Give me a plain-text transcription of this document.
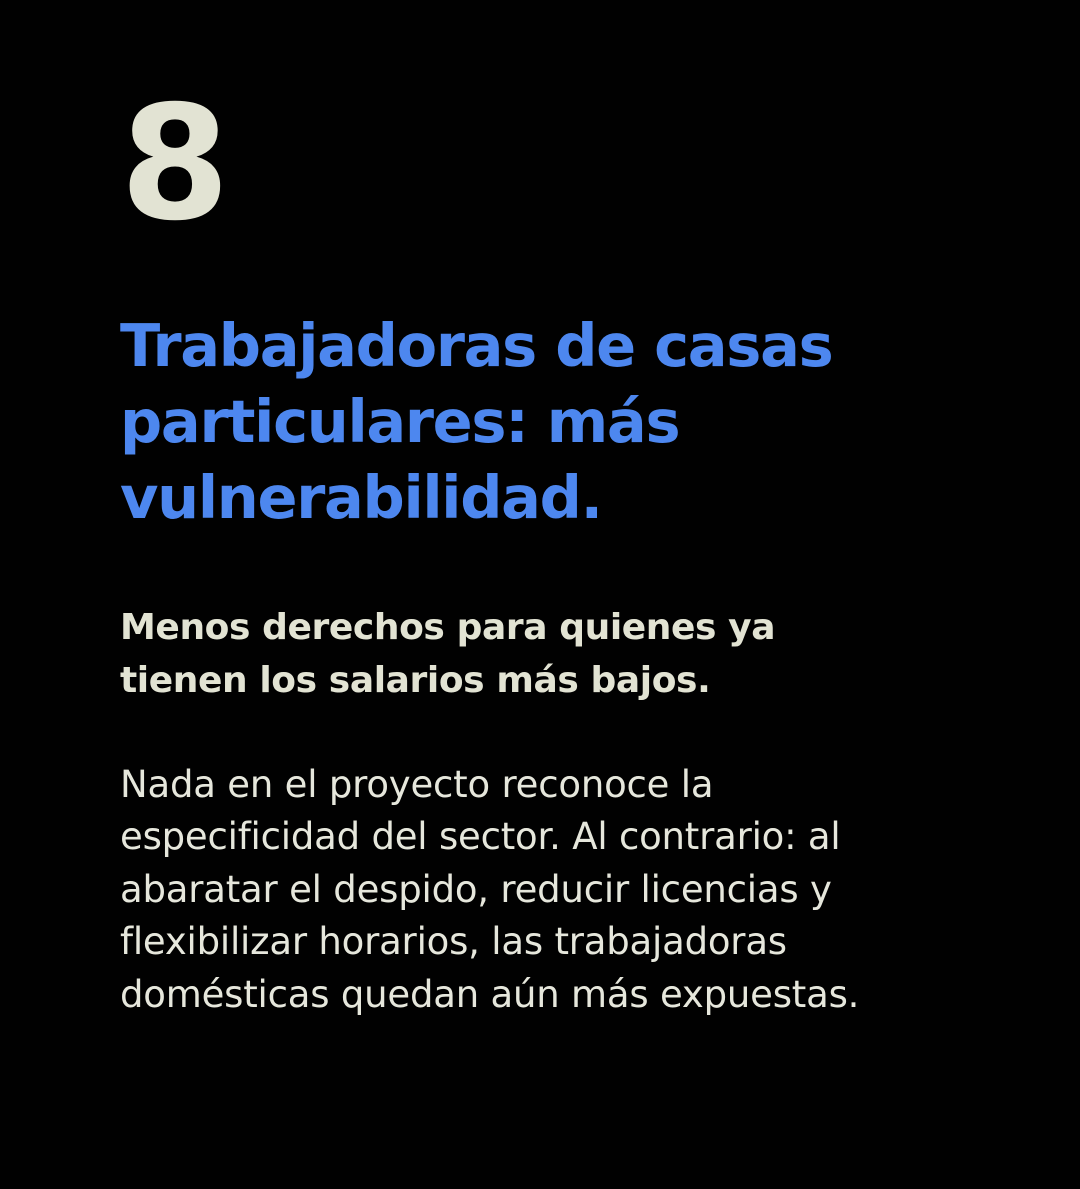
8
Trabajadoras de casas particulares: más vulnerabilidad.
Menos derechos para quienes ya tienen los salarios más bajos.

Nada en el proyecto reconoce la especificidad del sector. Al contrario: al abaratar el despido, reducir licencias y flexibilizar horarios, las trabajadoras domésticas quedan aún más expuestas.
